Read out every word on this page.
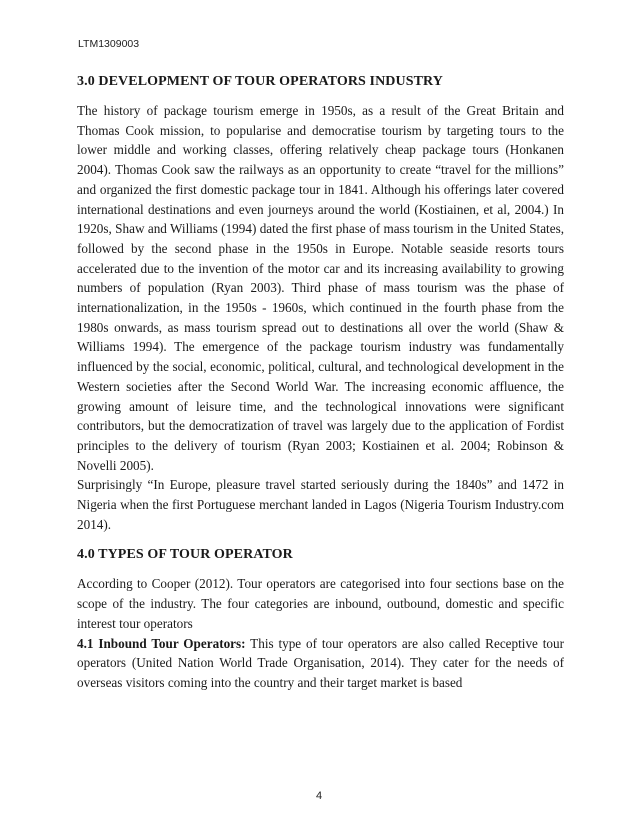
LTM1309003
3.0 DEVELOPMENT OF TOUR OPERATORS INDUSTRY

The history of package tourism emerge in 1950s, as a result of the Great Britain and Thomas Cook mission, to popularise and democratise tourism by targeting tours to the lower middle and working classes, offering relatively cheap package tours (Honkanen 2004). Thomas Cook saw the railways as an opportunity to create “travel for the millions” and organized the first domestic package tour in 1841. Although his offerings later covered international destinations and even journeys around the world (Kostiainen, et al, 2004.) In 1920s, Shaw and Williams (1994) dated the first phase of mass tourism in the United States, followed by the second phase in the 1950s in Europe. Notable seaside resorts tours accelerated due to the invention of the motor car and its increasing availability to growing numbers of population (Ryan 2003). Third phase of mass tourism was the phase of internationalization, in the 1950s - 1960s, which continued in the fourth phase from the 1980s onwards, as mass tourism spread out to destinations all over the world (Shaw & Williams 1994). The emergence of the package tourism industry was fundamentally influenced by the social, economic, political, cultural, and technological development in the Western societies after the Second World War. The increasing economic affluence, the growing amount of leisure time, and the technological innovations were significant contributors, but the democratization of travel was largely due to the application of Fordist principles to the delivery of tourism (Ryan 2003; Kostiainen et al. 2004; Robinson & Novelli 2005).

Surprisingly “In Europe, pleasure travel started seriously during the 1840s” and 1472 in Nigeria when the first Portuguese merchant landed in Lagos (Nigeria Tourism Industry.com 2014).

4.0 TYPES OF TOUR OPERATOR

According to Cooper (2012). Tour operators are categorised into four sections base on the scope of the industry. The four categories are inbound, outbound, domestic and specific interest tour operators

4.1 Inbound Tour Operators: This type of tour operators are also called Receptive tour operators (United Nation World Trade Organisation, 2014). They cater for the needs of overseas visitors coming into the country and their target market is based

4
